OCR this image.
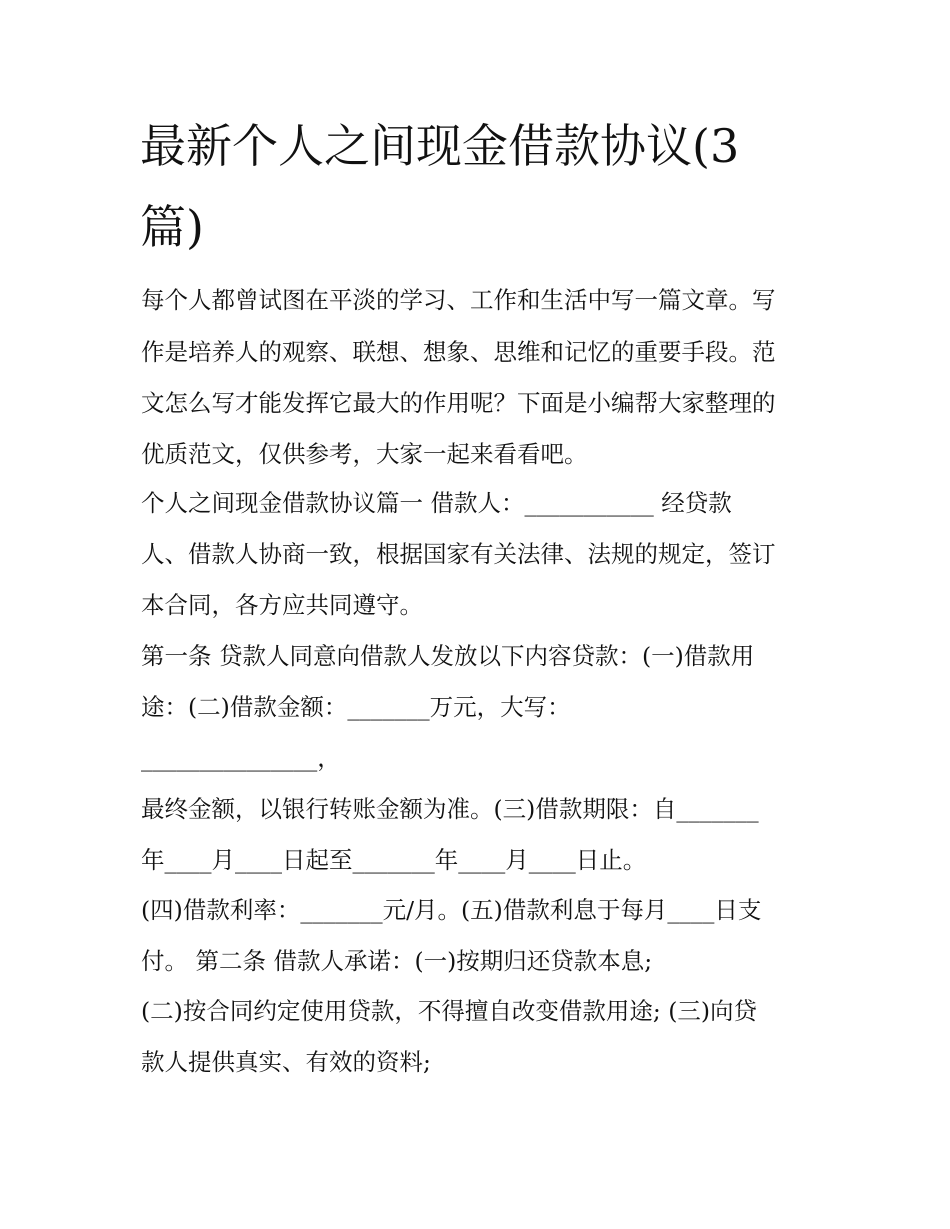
最新个人之间现金借款协议(3
篇)
每个人都曾试图在平淡的学习、工作和生活中写一篇文章。写
作是培养人的观察、联想、想象、思维和记忆的重要手段。范
文怎么写才能发挥它最大的作用呢？下面是小编帮大家整理的
优质范文，仅供参考，大家一起来看看吧。
个人之间现金借款协议篇一 借款人：___________ 经贷款
人、借款人协商一致，根据国家有关法律、法规的规定，签订
本合同，各方应共同遵守。
第一条 贷款人同意向借款人发放以下内容贷款：(一)借款用
途：(二)借款金额：_______万元，大写：
_______________，
最终金额，以银行转账金额为准。(三)借款期限：自_______
年____月____日起至_______年____月____日止。
(四)借款利率：_______元/月。(五)借款利息于每月____日支
付。 第二条 借款人承诺：(一)按期归还贷款本息;
(二)按合同约定使用贷款，不得擅自改变借款用途; (三)向贷
款人提供真实、有效的资料;
